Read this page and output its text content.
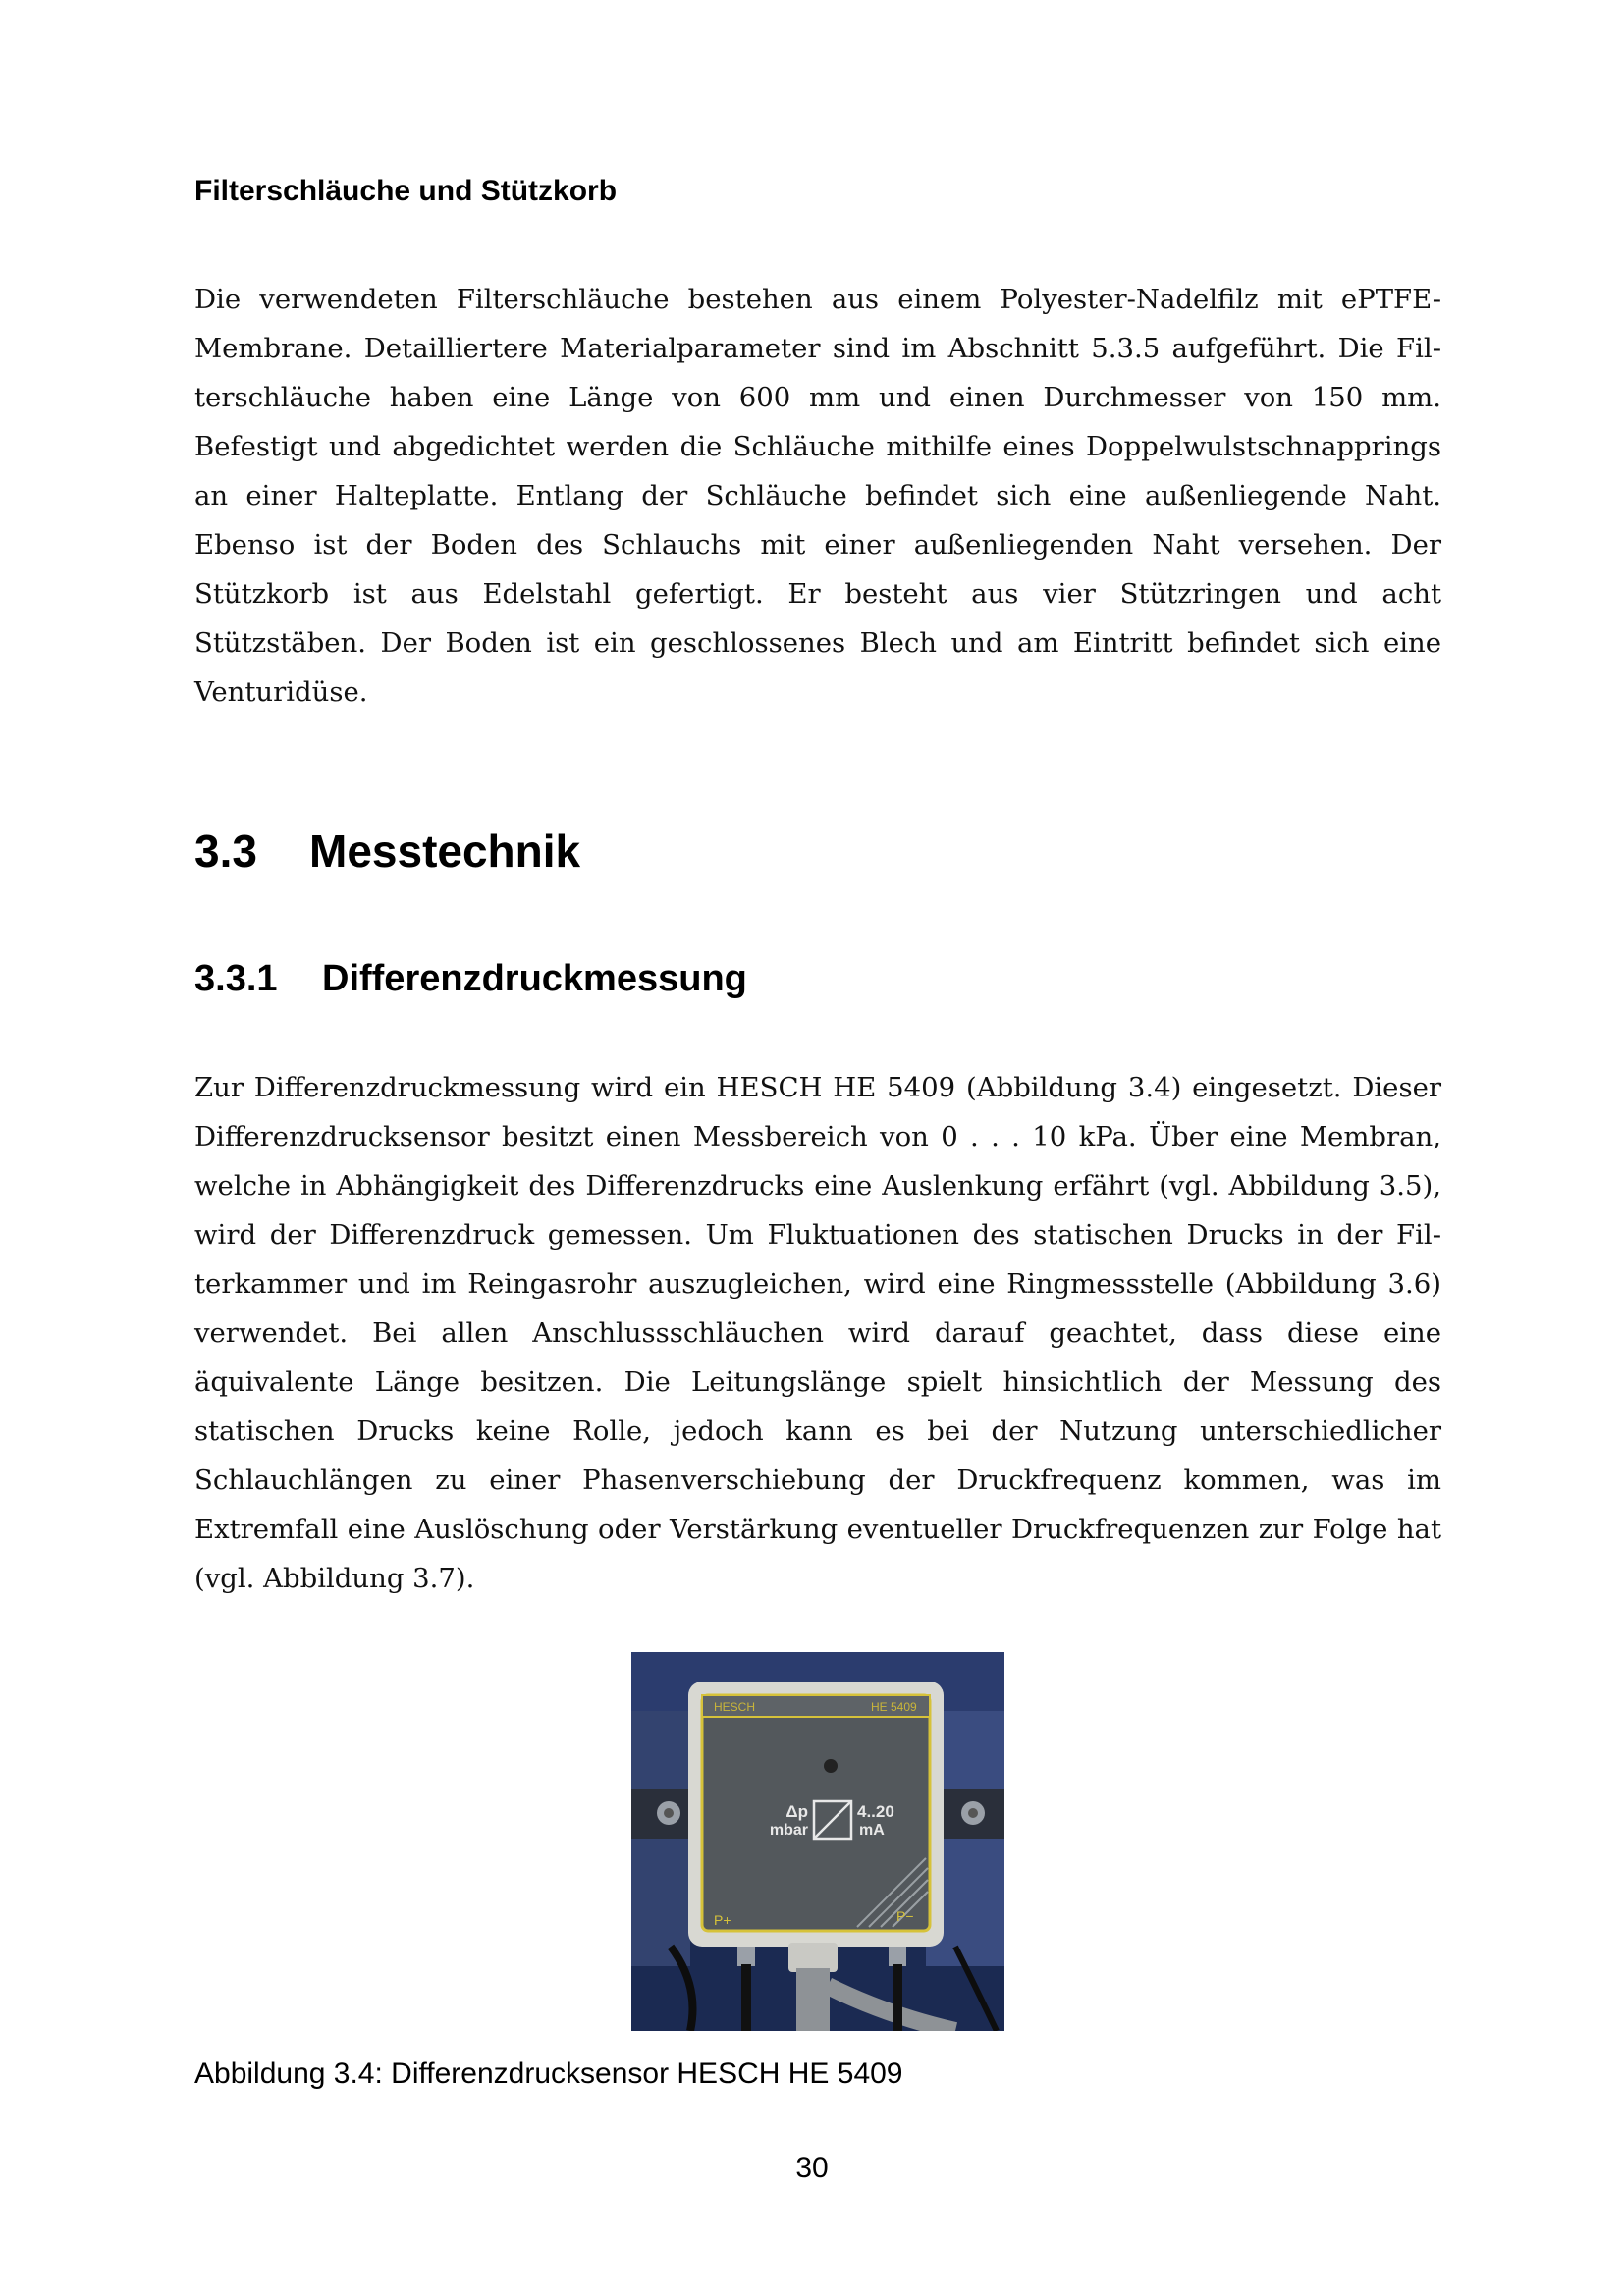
Filterschläuche und Stützkorb

Die verwendeten Filterschläuche bestehen aus einem Polyester-Nadelfilz mit ePTFE-Membrane. Detailliertere Materialparameter sind im Abschnitt 5.3.5 aufgeführt. Die Filterschläuche haben eine Länge von 600 mm und einen Durchmesser von 150 mm. Befestigt und abgedichtet werden die Schläuche mithilfe eines Doppelwulstschnapprings an einer Halteplatte. Entlang der Schläuche befindet sich eine außenliegende Naht. Ebenso ist der Boden des Schlauchs mit einer außenliegenden Naht versehen. Der Stützkorb ist aus Edelstahl gefertigt. Er besteht aus vier Stützringen und acht Stützstäben. Der Boden ist ein geschlossenes Blech und am Eintritt befindet sich eine Venturidüse.

3.3 Messtechnik
3.3.1 Differenzdruckmessung

Zur Differenzdruckmessung wird ein HESCH HE 5409 (Abbildung 3.4) eingesetzt. Dieser Differenzdrucksensor besitzt einen Messbereich von 0 . . . 10 kPa. Über eine Membran, welche in Abhängigkeit des Differenzdrucks eine Auslenkung erfährt (vgl. Abbildung 3.5), wird der Differenzdruck gemessen. Um Fluktuationen des statischen Drucks in der Filterkammer und im Reingasrohr auszugleichen, wird eine Ringmessstelle (Abbildung 3.6) verwendet. Bei allen Anschlussschläuchen wird darauf geachtet, dass diese eine äquivalente Länge besitzen. Die Leitungslänge spielt hinsichtlich der Messung des statischen Drucks keine Rolle, jedoch kann es bei der Nutzung unterschiedlicher Schlauchlängen zu einer Phasenverschiebung der Druckfrequenz kommen, was im Extremfall eine Auslöschung oder Verstärkung eventueller Druckfrequenzen zur Folge hat (vgl. Abbildung 3.7).

HESCH	HE 5409
Δp
mbar
4..20
mA
P+	P−

Abbildung 3.4: Differenzdrucksensor HESCH HE 5409

30
